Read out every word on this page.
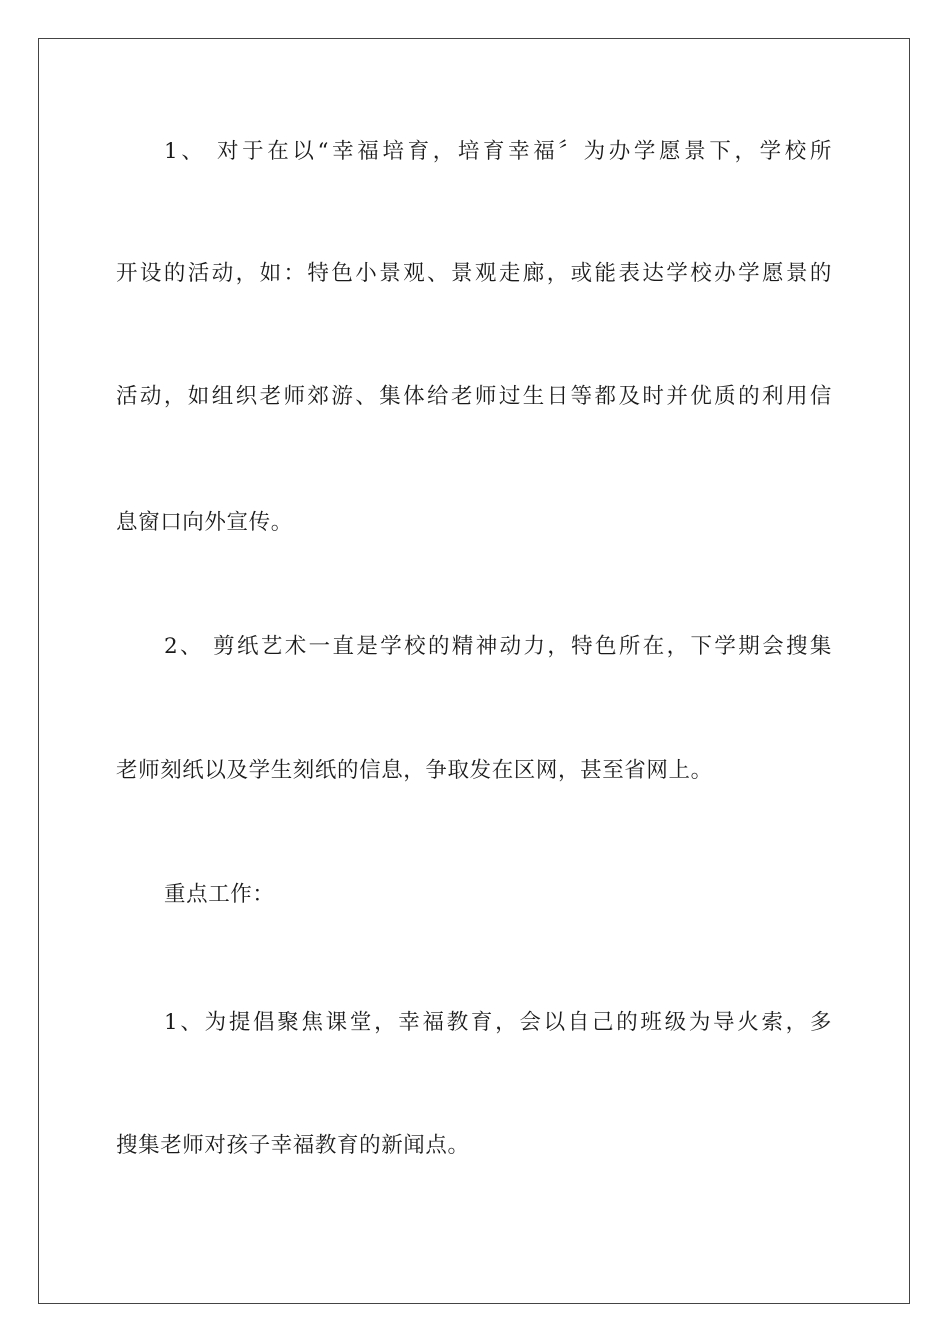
1、 对于在以“幸福培育，培育幸福〞为办学愿景下，学校所
开设的活动，如：特色小景观、景观走廊，或能表达学校办学愿景的
活动，如组织老师郊游、集体给老师过生日等都及时并优质的利用信
息窗口向外宣传。
2、 剪纸艺术一直是学校的精神动力，特色所在，下学期会搜集
老师刻纸以及学生刻纸的信息，争取发在区网，甚至省网上。
重点工作：
1、为提倡聚焦课堂，幸福教育，会以自己的班级为导火索，多
搜集老师对孩子幸福教育的新闻点。
